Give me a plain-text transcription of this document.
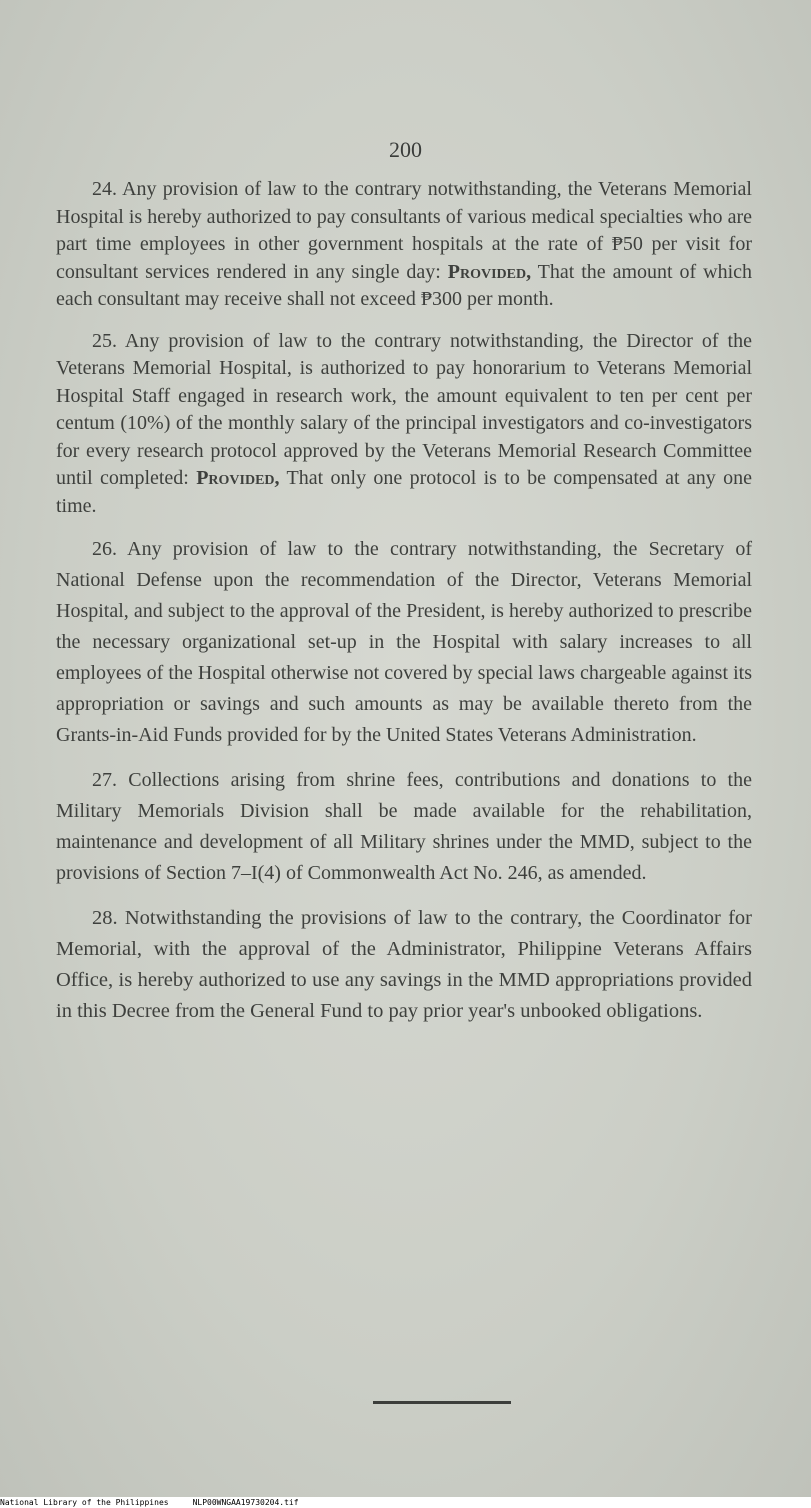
200

24. Any provision of law to the contrary notwithstanding, the Veterans Memorial Hospital is hereby authorized to pay consultants of various medical specialties who are part time employees in other government hospitals at the rate of ₱50 per visit for consultant services rendered in any single day: Provided, That the amount of which each consultant may receive shall not exceed ₱300 per month.

25. Any provision of law to the contrary notwithstanding, the Director of the Veterans Memorial Hospital, is authorized to pay honorarium to Veterans Memorial Hospital Staff engaged in research work, the amount equivalent to ten per cent per centum (10%) of the monthly salary of the principal investigators and co-investigators for every research protocol approved by the Veterans Memorial Research Committee until completed: Provided, That only one protocol is to be compensated at any one time.

26. Any provision of law to the contrary notwithstanding, the Secretary of National Defense upon the recommendation of the Director, Veterans Memorial Hospital, and subject to the approval of the President, is hereby authorized to prescribe the necessary organizational set-up in the Hospital with salary increases to all employees of the Hospital otherwise not covered by special laws chargeable against its appropriation or savings and such amounts as may be available thereto from the Grants-in-Aid Funds provided for by the United States Veterans Administration.

27. Collections arising from shrine fees, contributions and donations to the Military Memorials Division shall be made available for the rehabilitation, maintenance and development of all Military shrines under the MMD, subject to the provisions of Section 7–I(4) of Commonwealth Act No. 246, as amended.

28. Notwithstanding the provisions of law to the contrary, the Coordinator for Memorial, with the approval of the Administrator, Philippine Veterans Affairs Office, is hereby authorized to use any savings in the MMD appropriations provided in this Decree from the General Fund to pay prior year's unbooked obligations.

National Library of the Philippines	NLP00WNGAA19730204.tif
